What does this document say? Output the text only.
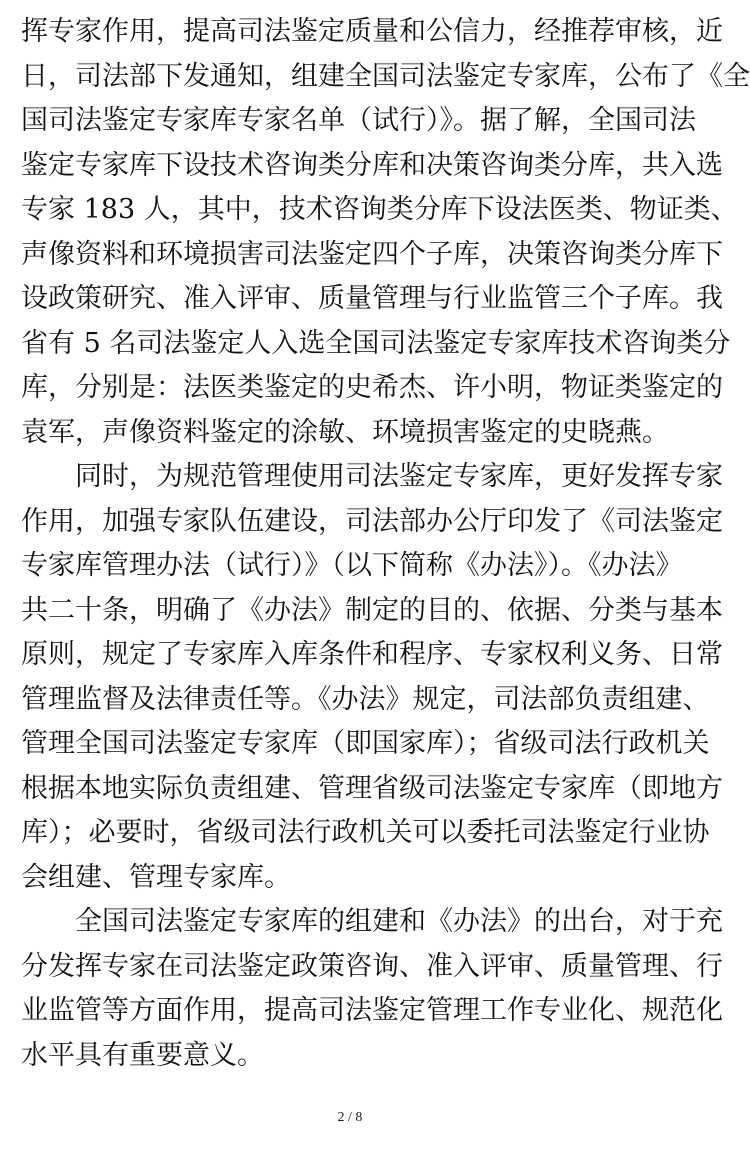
挥专家作用，提高司法鉴定质量和公信力，经推荐审核，近
日，司法部下发通知，组建全国司法鉴定专家库，公布了《全
国司法鉴定专家库专家名单（试行）》。据了解，全国司法
鉴定专家库下设技术咨询类分库和决策咨询类分库，共入选
专家 183 人，其中，技术咨询类分库下设法医类、物证类、
声像资料和环境损害司法鉴定四个子库，决策咨询类分库下
设政策研究、准入评审、质量管理与行业监管三个子库。我
省有 5 名司法鉴定人入选全国司法鉴定专家库技术咨询类分
库，分别是：法医类鉴定的史希杰、许小明，物证类鉴定的
袁军，声像资料鉴定的涂敏、环境损害鉴定的史晓燕。
同时，为规范管理使用司法鉴定专家库，更好发挥专家
作用，加强专家队伍建设，司法部办公厅印发了《司法鉴定
专家库管理办法（试行）》（以下简称《办法》）。《办法》
共二十条，明确了《办法》制定的目的、依据、分类与基本
原则，规定了专家库入库条件和程序、专家权利义务、日常
管理监督及法律责任等。《办法》规定，司法部负责组建、
管理全国司法鉴定专家库（即国家库）；省级司法行政机关
根据本地实际负责组建、管理省级司法鉴定专家库（即地方
库）；必要时，省级司法行政机关可以委托司法鉴定行业协
会组建、管理专家库。
全国司法鉴定专家库的组建和《办法》的出台，对于充
分发挥专家在司法鉴定政策咨询、准入评审、质量管理、行
业监管等方面作用，提高司法鉴定管理工作专业化、规范化
水平具有重要意义。
2 / 8
